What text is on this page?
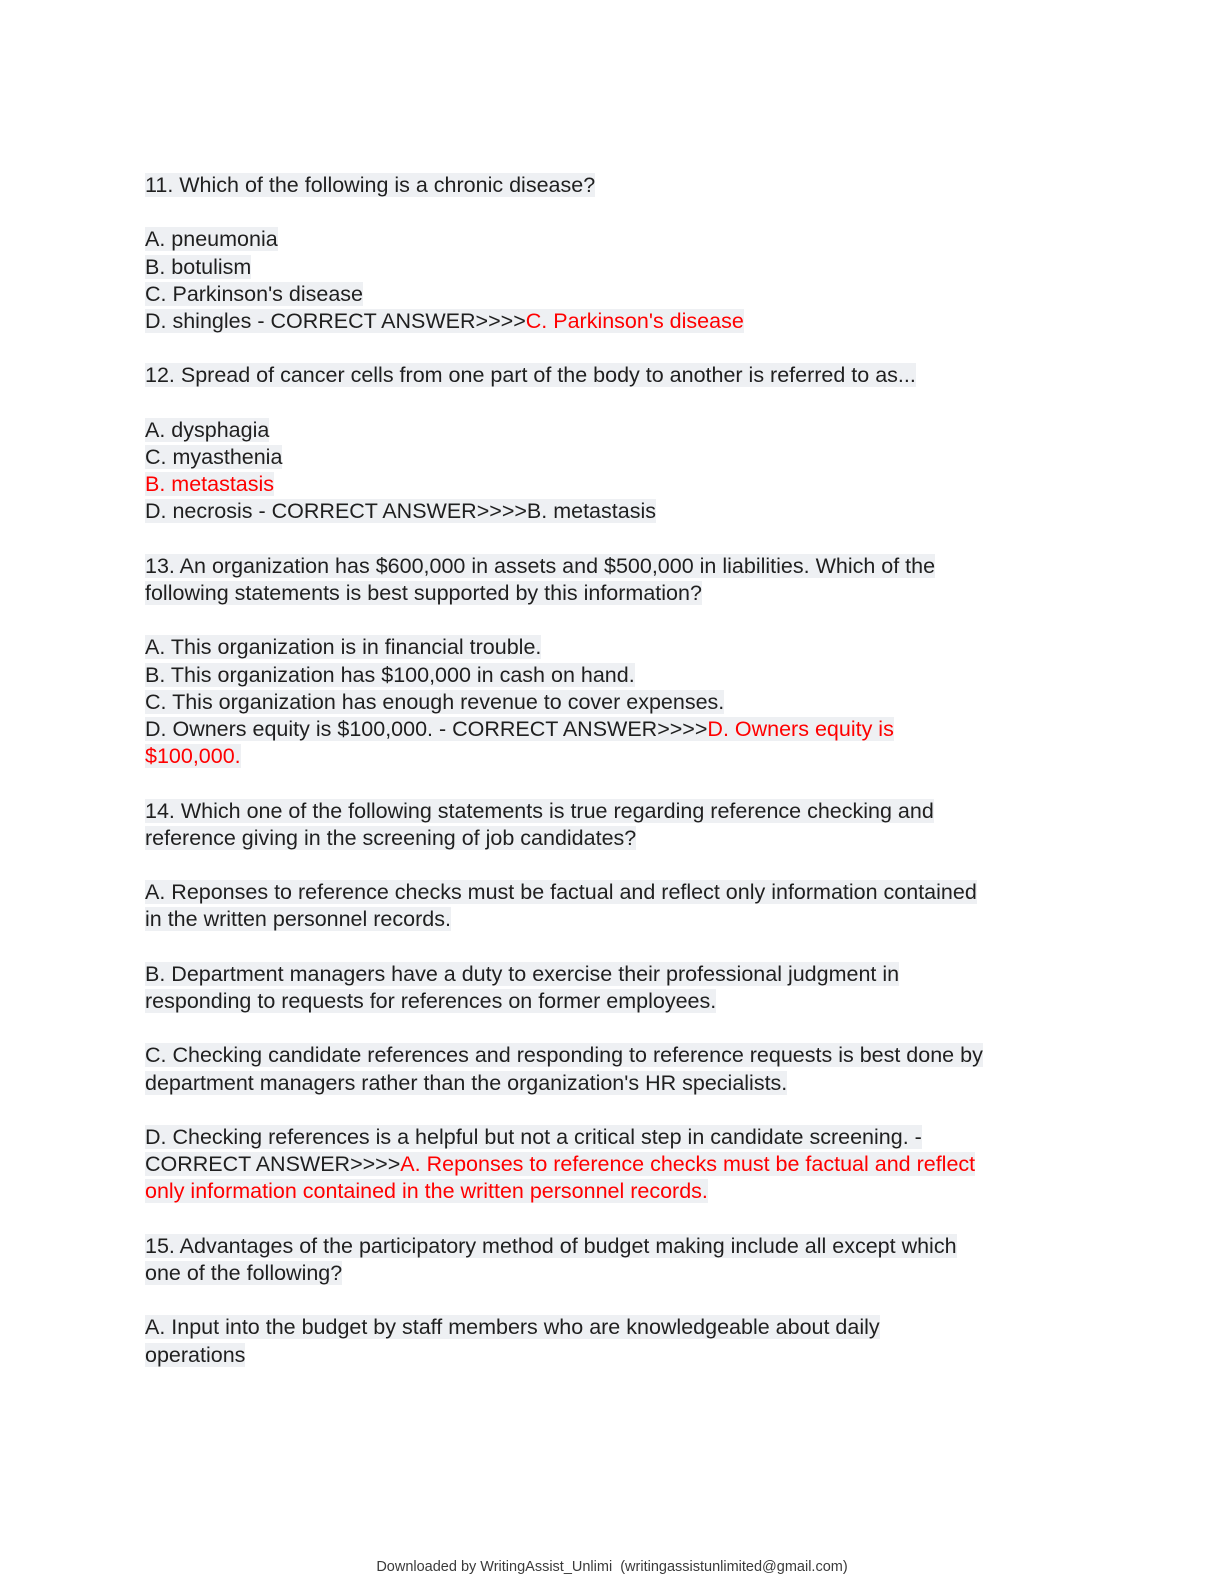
11. Which of the following is a chronic disease?
A. pneumonia
B. botulism
C. Parkinson's disease
D. shingles - CORRECT ANSWER>>>>C. Parkinson's disease
12. Spread of cancer cells from one part of the body to another is referred to as...
A. dysphagia
C. myasthenia
B. metastasis
D. necrosis - CORRECT ANSWER>>>>B. metastasis
13. An organization has $600,000 in assets and $500,000 in liabilities. Which of the
following statements is best supported by this information?
A. This organization is in financial trouble.
B. This organization has $100,000 in cash on hand.
C. This organization has enough revenue to cover expenses.
D. Owners equity is $100,000. - CORRECT ANSWER>>>>D. Owners equity is
$100,000.
14. Which one of the following statements is true regarding reference checking and
reference giving in the screening of job candidates?
A. Reponses to reference checks must be factual and reflect only information contained
in the written personnel records.
B. Department managers have a duty to exercise their professional judgment in
responding to requests for references on former employees.
C. Checking candidate references and responding to reference requests is best done by
department managers rather than the organization's HR specialists.
D. Checking references is a helpful but not a critical step in candidate screening. -
CORRECT ANSWER>>>>A. Reponses to reference checks must be factual and reflect
only information contained in the written personnel records.
15. Advantages of the participatory method of budget making include all except which
one of the following?
A. Input into the budget by staff members who are knowledgeable about daily
operations
Downloaded by WritingAssist_Unlimi  (writingassistunlimited@gmail.com)
